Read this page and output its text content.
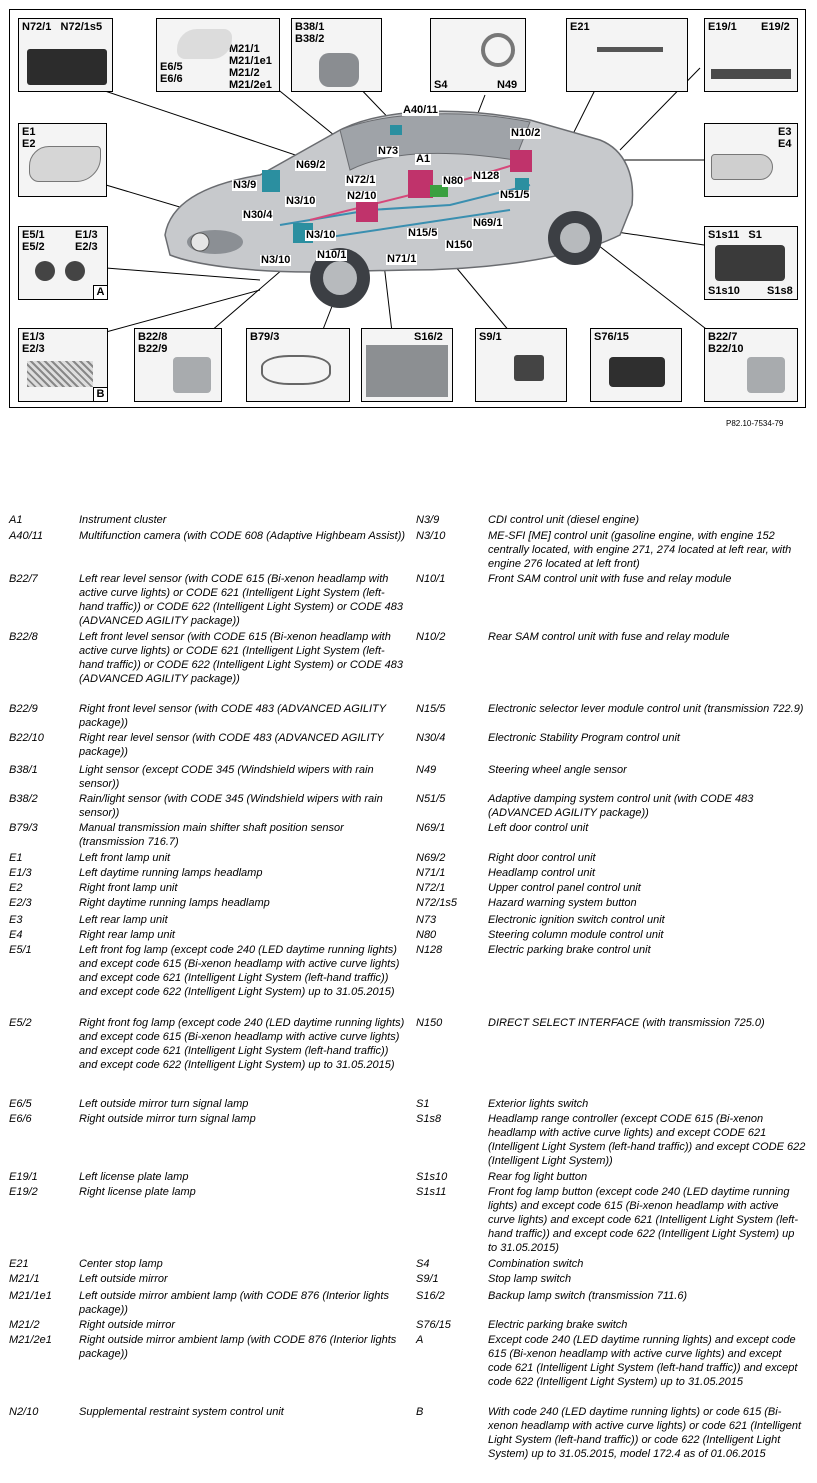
N72/1   N72/1s5
M21/1
M21/1e1
M21/2
M21/2e1
E6/5
E6/6
B38/1
B38/2
S4	N49
E21	E19/1 E19/2
E1
E2
E3
E4
E5/1
E5/2
E1/3
E2/3
A
S1s11   S1
S1s10 S1s8
E1/3
E2/3
B
B22/8
B22/9
B79/3	S16/2	S9/1	S76/15	B22/7
B22/10
A40/11
N73
N10/2
N69/2	A1
N72/1	N80 N128
N3/9
N3/10	N2/10	N51/5
N30/4
N69/1
N3/10	N15/5
N150
N3/10 N10/1	N71/1
P82.10-7534-79
A1	Instrument cluster
A40/11	Multifunction camera (with CODE 608 (Adaptive Highbeam Assist))
B22/7	Left rear level sensor (with CODE 615 (Bi-xenon headlamp with active curve lights) or CODE 621 (Intelligent Light System (left-hand traffic)) or CODE 622 (Intelligent Light System) or CODE 483 (ADVANCED AGILITY package))
B22/8	Left front level sensor (with CODE 615 (Bi-xenon headlamp with active curve lights) or CODE 621 (Intelligent Light System (left-hand traffic)) or CODE 622 (Intelligent Light System) or CODE 483 (ADVANCED AGILITY package))
B22/9	Right front level sensor (with CODE 483 (ADVANCED AGILITY package))
B22/10	Right rear level sensor (with CODE 483 (ADVANCED AGILITY package))
B38/1	Light sensor (except CODE 345 (Windshield wipers with rain sensor))
B38/2	Rain/light sensor (with CODE 345 (Windshield wipers with rain sensor))
B79/3	Manual transmission main shifter shaft position sensor (transmission 716.7)
E1	Left front lamp unit
E1/3	Left daytime running lamps headlamp
E2	Right front lamp unit
E2/3	Right daytime running lamps headlamp
E3	Left rear lamp unit
E4	Right rear lamp unit
E5/1	Left front fog lamp (except code 240 (LED daytime running lights) and except code 615 (Bi-xenon headlamp with active curve lights) and except code 621 (Intelligent Light System (left-hand traffic)) and except code 622 (Intelligent Light System) up to 31.05.2015)
E5/2	Right front fog lamp (except code 240 (LED daytime running lights) and except code 615 (Bi-xenon headlamp with active curve lights) and except code 621 (Intelligent Light System (left-hand traffic)) and except code 622 (Intelligent Light System) up to 31.05.2015)
E6/5	Left outside mirror turn signal lamp
E6/6	Right outside mirror turn signal lamp
E19/1	Left license plate lamp
E19/2	Right license plate lamp
E21	Center stop lamp
M21/1	Left outside mirror
M21/1e1 Left outside mirror ambient lamp (with CODE 876 (Interior lights package))
M21/2	Right outside mirror
M21/2e1 Right outside mirror ambient lamp (with CODE 876 (Interior lights package))
N2/10	Supplemental restraint system control unit
N3/9	CDI control unit (diesel engine)
N3/10	ME-SFI [ME] control unit (gasoline engine, with engine 152 centrally located, with engine 271, 274 located at left rear, with engine 276 located at left front)
N10/1	Front SAM control unit with fuse and relay module
N10/2	Rear SAM control unit with fuse and relay module
N15/5	Electronic selector lever module control unit (transmission 722.9)
N30/4	Electronic Stability Program control unit
N49	Steering wheel angle sensor
N51/5	Adaptive damping system control unit (with CODE 483 (ADVANCED AGILITY package))
N69/1	Left door control unit
N69/2	Right door control unit
N71/1	Headlamp control unit
N72/1	Upper control panel control unit
N72/1s5	Hazard warning system button
N73	Electronic ignition switch control unit
N80	Steering column module control unit
N128	Electric parking brake control unit
N150	DIRECT SELECT INTERFACE (with transmission 725.0)
S1	Exterior lights switch
S1s8	Headlamp range controller (except CODE 615 (Bi-xenon headlamp with active curve lights) and except CODE 621 (Intelligent Light System (left-hand traffic)) and except CODE 622 (Intelligent Light System))
S1s10	Rear fog light button
S1s11	Front fog lamp button (except code 240 (LED daytime running lights) and except code 615 (Bi-xenon headlamp with active curve lights) and except code 621 (Intelligent Light System (left-hand traffic)) and except code 622 (Intelligent Light System) up to 31.05.2015)
S4	Combination switch
S9/1	Stop lamp switch
S16/2	Backup lamp switch (transmission 711.6)
S76/15	Electric parking brake switch
A	Except code 240 (LED daytime running lights) and except code 615 (Bi-xenon headlamp with active curve lights) and except code 621 (Intelligent Light System (left-hand traffic)) and except code 622 (Intelligent Light System) up to 31.05.2015
B	With code 240 (LED daytime running lights) or code 615 (Bi-xenon headlamp with active curve lights) or code 621 (Intelligent Light System (left-hand traffic)) or code 622 (Intelligent Light System) up to 31.05.2015, model 172.4 as of 01.06.2015
